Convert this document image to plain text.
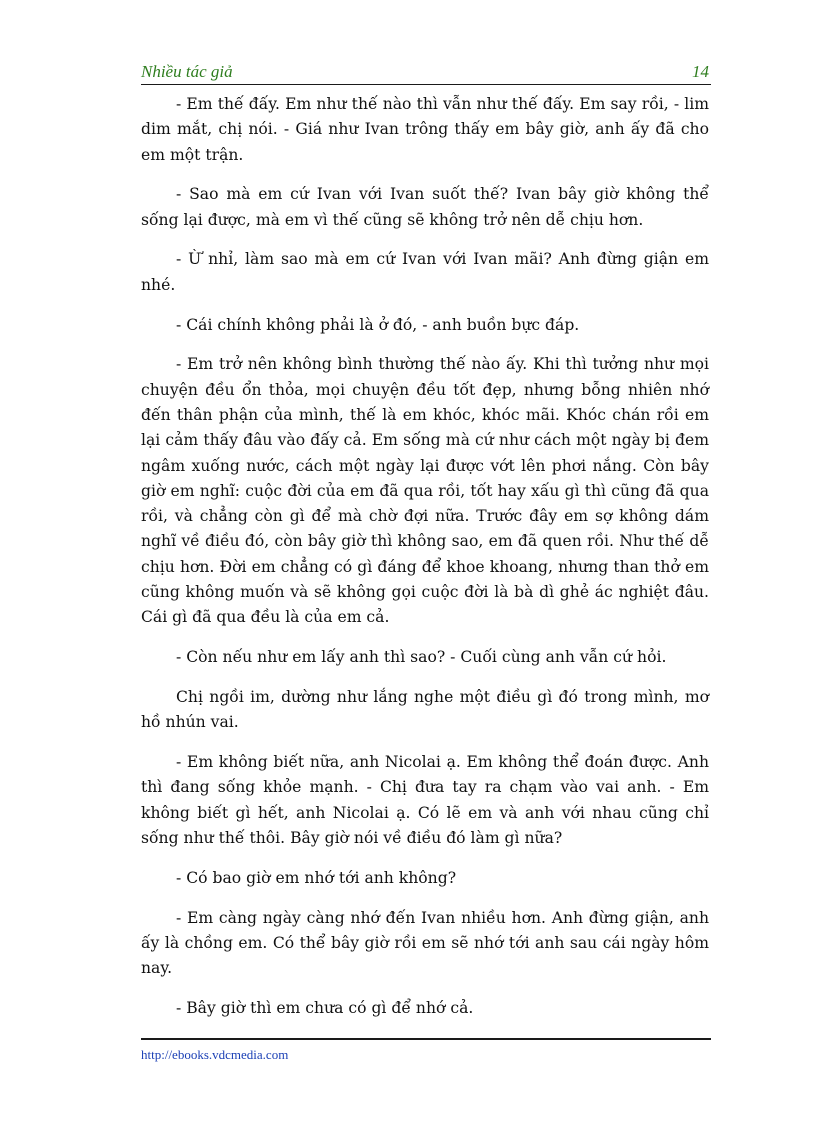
Nhiều tác giả	14

- Em thế đấy. Em như thế nào thì vẫn như thế đấy. Em say rồi, - lim dim mắt, chị nói. - Giá như Ivan trông thấy em bây giờ, anh ấy đã cho em một trận.

- Sao mà em cứ Ivan với Ivan suốt thế? Ivan bây giờ không thể sống lại được, mà em vì thế cũng sẽ không trở nên dễ chịu hơn.

- Ừ nhỉ, làm sao mà em cứ Ivan với Ivan mãi? Anh đừng giận em nhé.

- Cái chính không phải là ở đó, - anh buồn bực đáp.

- Em trở nên không bình thường thế nào ấy. Khi thì tưởng như mọi chuyện đều ổn thỏa, mọi chuyện đều tốt đẹp, nhưng bỗng nhiên nhớ đến thân phận của mình, thế là em khóc, khóc mãi. Khóc chán rồi em lại cảm thấy đâu vào đấy cả. Em sống mà cứ như cách một ngày bị đem ngâm xuống nước, cách một ngày lại được vớt lên phơi nắng. Còn bây giờ em nghĩ: cuộc đời của em đã qua rồi, tốt hay xấu gì thì cũng đã qua rồi, và chẳng còn gì để mà chờ đợi nữa. Trước đây em sợ không dám nghĩ về điều đó, còn bây giờ thì không sao, em đã quen rồi. Như thế dễ chịu hơn. Đời em chẳng có gì đáng để khoe khoang, nhưng than thở em cũng không muốn và sẽ không gọi cuộc đời là bà dì ghẻ ác nghiệt đâu. Cái gì đã qua đều là của em cả.

- Còn nếu như em lấy anh thì sao? - Cuối cùng anh vẫn cứ hỏi.

Chị ngồi im, dường như lắng nghe một điều gì đó trong mình, mơ hồ nhún vai.

- Em không biết nữa, anh Nicolai ạ. Em không thể đoán được. Anh thì đang sống khỏe mạnh. - Chị đưa tay ra chạm vào vai anh. - Em không biết gì hết, anh Nicolai ạ. Có lẽ em và anh với nhau cũng chỉ sống như thế thôi. Bây giờ nói về điều đó làm gì nữa?

- Có bao giờ em nhớ tới anh không?

- Em càng ngày càng nhớ đến Ivan nhiều hơn. Anh đừng giận, anh ấy là chồng em. Có thể bây giờ rồi em sẽ nhớ tới anh sau cái ngày hôm nay.

- Bây giờ thì em chưa có gì để nhớ cả.

http://ebooks.vdcmedia.com
